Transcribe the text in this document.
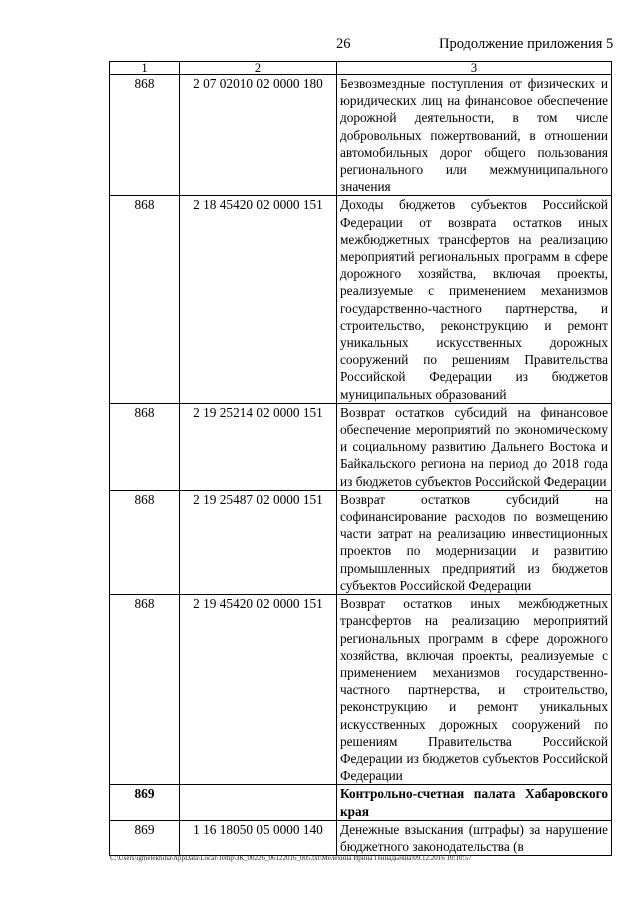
26	Продолжение приложения 5
1	2	3
868	2 07 02010 02 0000 180	Безвозмездные поступления от физических и юридических лиц на финансовое обеспечение дорожной деятельности, в том числе добровольных пожертвований, в отношении автомобильных дорог общего пользования регионального или межмуниципального значения
868	2 18 45420 02 0000 151	Доходы бюджетов субъектов Российской Федерации от возврата остатков иных межбюджетных трансфертов на реализацию мероприятий региональных программ в сфере дорожного хозяйства, включая проекты, реализуемые с применением механизмов государственно-частного партнерства, и строительство, реконструкцию и ремонт уникальных искусственных дорожных сооружений по решениям Правительства Российской Федерации из бюджетов муниципальных образований
868	2 19 25214 02 0000 151	Возврат остатков субсидий на финансовое обеспечение мероприятий по экономическому и социальному развитию Дальнего Востока и Байкальского региона на период до 2018 года из бюджетов субъектов Российской Федерации
868	2 19 25487 02 0000 151	Возврат остатков субсидий на софинансирование расходов по возмещению части затрат на реализацию инвестиционных проектов по модернизации и развитию промышленных предприятий из бюджетов субъектов Российской Федерации
868	2 19 45420 02 0000 151	Возврат остатков иных межбюджетных трансфертов на реализацию мероприятий региональных программ в сфере дорожного хозяйства, включая проекты, реализуемые с применением механизмов государственно-частного партнерства, и строительство, реконструкцию и ремонт уникальных искусственных дорожных сооружений по решениям Правительства Российской Федерации из бюджетов субъектов Российской Федерации
869		Контрольно-счетная палата Хабаровского края
869	1 16 18050 05 0000 140	Денежные взыскания (штрафы) за нарушение бюджетного законодательства (в
C:\Users\igmelekhina\AppData\Local\Temp\ЗК_00226_06122016_005.txt\Мелехина Ирина Геннадьевна\09.12.2016 10:10:57
